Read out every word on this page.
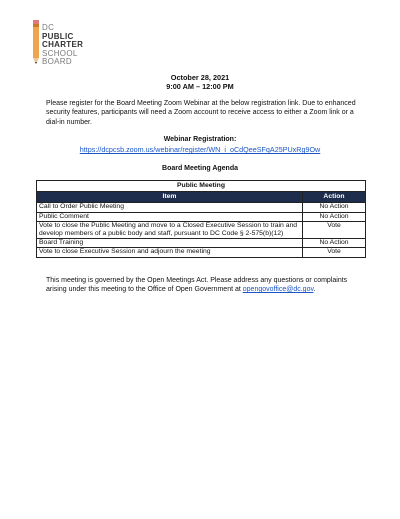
DC
PUBLIC
CHARTER
SCHOOL
BOARD
October 28, 2021
9:00 AM – 12:00 PM
Please register for the Board Meeting Zoom Webinar at the below registration link. Due to enhanced security features, participants will need a Zoom account to receive access to either a Zoom link or a dial-in number.
Webinar Registration:
https://dcpcsb.zoom.us/webinar/register/WN_i_oCdQeeSFqA25PUxRg9Ow
Board Meeting Agenda
Public Meeting	
Item	Action
Call to Order Public Meeting	No Action
Public Comment	No Action
Vote to close the Public Meeting and move to a Closed Executive Session to train and develop members of a public body and staff, pursuant to DC Code § 2-575(b)(12)	Vote
Board Training	No Action
Vote to close Executive Session and adjourn the meeting	Vote
This meeting is governed by the Open Meetings Act. Please address any questions or complaints arising under this meeting to the Office of Open Government at opengovoffice@dc.gov.
